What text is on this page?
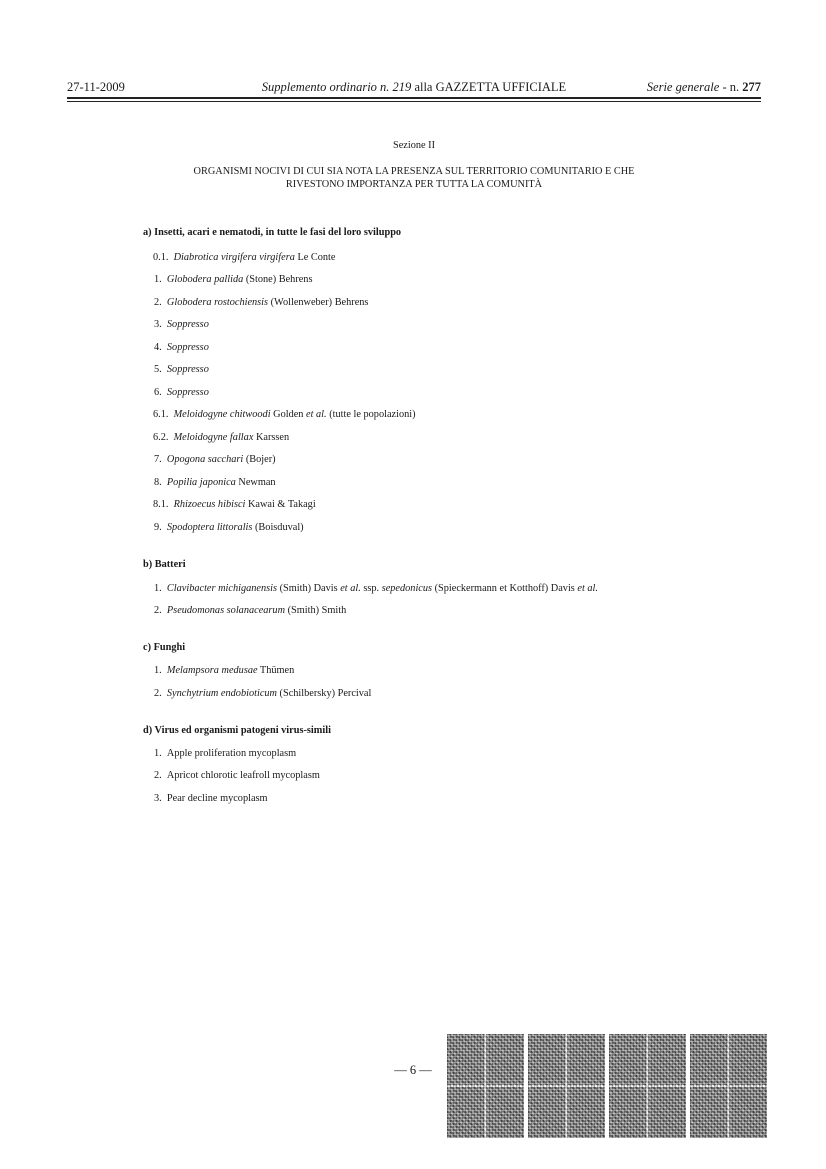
27-11-2009	Supplemento ordinario n. 219 alla GAZZETTA UFFICIALE	Serie generale - n. 277
Sezione II
ORGANISMI NOCIVI DI CUI SIA NOTA LA PRESENZA SUL TERRITORIO COMUNITARIO E CHE
RIVESTONO IMPORTANZA PER TUTTA LA COMUNITÀ
a) Insetti, acari e nematodi, in tutte le fasi del loro sviluppo
0.1. Diabrotica virgifera virgifera Le Conte
1. Globodera pallida (Stone) Behrens
2. Globodera rostochiensis (Wollenweber) Behrens
3. Soppresso
4. Soppresso
5. Soppresso
6. Soppresso
6.1. Meloidogyne chitwoodi Golden et al. (tutte le popolazioni)
6.2. Meloidogyne fallax Karssen
7. Opogona sacchari (Bojer)
8. Popilia japonica Newman
8.1. Rhizoecus hibisci Kawai & Takagi
9. Spodoptera littoralis (Boisduval)
b) Batteri
1. Clavibacter michiganensis (Smith) Davis et al. ssp. sepedonicus (Spieckermann et Kotthoff) Davis et al.
2. Pseudomonas solanacearum (Smith) Smith
c) Funghi
1. Melampsora medusae Thümen
2. Synchytrium endobioticum (Schilbersky) Percival
d) Virus ed organismi patogeni virus-simili
1. Apple proliferation mycoplasm
2. Apricot chlorotic leafroll mycoplasm
3. Pear decline mycoplasm
— 6 —
